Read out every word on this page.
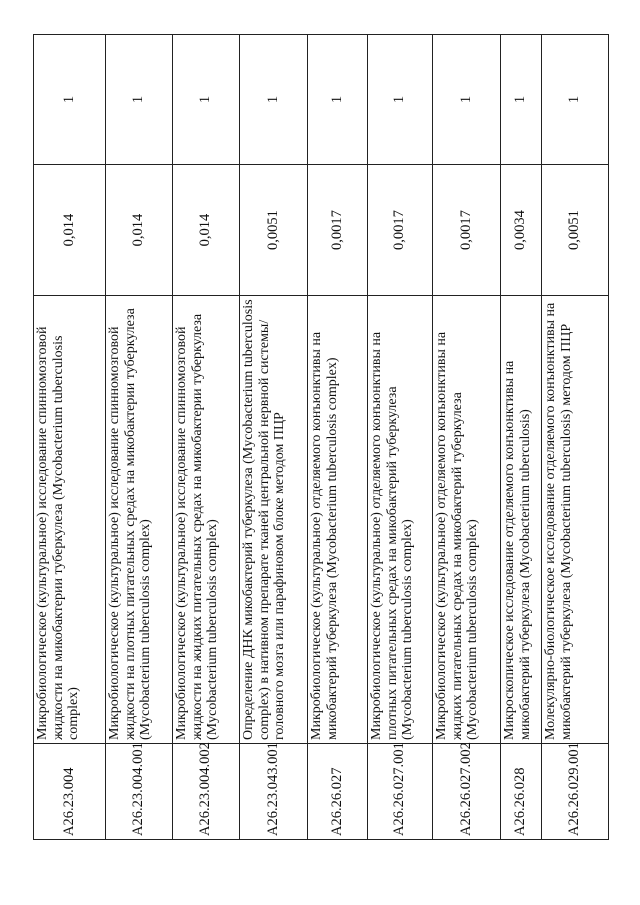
A26.23.004	Микробиологическое (культуральное) исследование спинномозговой жидкости на микобактерии туберкулеза (Mycobacterium tuberculosis complex)	0,014	1
A26.23.004.001	Микробиологическое (культуральное) исследование спинномозговой жидкости на плотных питательных средах на микобактерии туберкулеза (Mycobacterium tuberculosis complex)	0,014	1
A26.23.004.002	Микробиологическое (культуральное) исследование спинномозговой жидкости на жидких питательных средах на микобактерии туберкулеза (Mycobacterium tuberculosis complex)	0,014	1
A26.23.043.001	Определение ДНК микобактерий туберкулеза (Mycobacterium tuberculosis complex) в нативном препарате тканей центральной нервной системы/головного мозга или парафиновом блоке методом ПЦР	0,0051	1
A26.26.027	Микробиологическое (культуральное) отделяемого конъюнктивы на микобактерий туберкулеза (Mycobacterium tuberculosis complex)	0,0017	1
A26.26.027.001	Микробиологическое (культуральное) отделяемого конъюнктивы на плотных питательных средах на микобактерий туберкулеза (Mycobacterium tuberculosis complex)	0,0017	1
A26.26.027.002	Микробиологическое (культуральное) отделяемого конъюнктивы на жидких питательных средах на микобактерий туберкулеза (Mycobacterium tuberculosis complex)	0,0017	1
A26.26.028	Микроскопическое исследование отделяемого конъюнктивы на микобактерий туберкулеза (Mycobacterium tuberculosis)	0,0034	1
A26.26.029.001	Молекулярно-биологическое исследование отделяемого конъюнктивы на микобактерий туберкулеза (Mycobacterium tuberculosis) методом ПЦР	0,0051	1
